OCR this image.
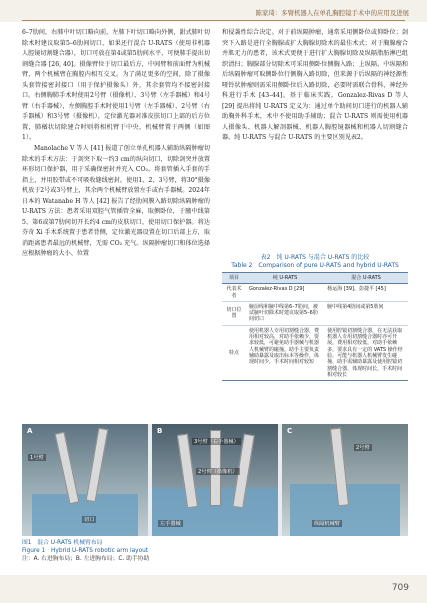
陈家琦：多臂机器人在单孔胸腔镜手术中的应用及进展

6–7肋间，右肺中叶切口略向前，左肺下叶切口略向外侧，鉗式肺叶切除术时建议取第5–6肋间切口，如果还行混合 U-RATS（使用非机器人腔镜切割缝合器），切口可放在第4或第5肋间水平，可便肺手提出切割缝合器 [26, 40]。摄像臂位于切口最后方，中间臂和前面臂为机械臂，两个机械臂在胸腔内相互交叉。为了满足更多的空间，除了摄像头套管接密封接口（用于保护摄像头）外，其余套管均不接密封接口。右侧胸肺手术时使用2号臂（摄像机）、3号臂（左手器械）和4号臂（右手器械），左侧胸腔手术时使用1号臂（左手器械）、2号臂（右手器械）和3号臂（摄像机），定位激光器对准皮肤切口上部的后方位置，肺楢状切除建合时则将相机臂于中央，机械臂置于两侧（如图1）。

Manolache V 等人 [41] 报道了创立单孔机器人辅助纵隔肿瘤切除术的手术方法：于剑突下取一约3 cm的纵向切口，切除剑突并放置环形切口保护器，用于采确保密封并充入 CO₂，将套管插入手套的手指上，并用胶带或不可吸收缝线密封。使用1、2、3号臂，将30°摄像机放于2号或3号臂上，其余两个机械臂放置左手或右手器械。2024年日本的 Watanabe H 等人 [42] 报告了经肋间膜入路切除纵隔肿瘤的 U-RATS 方法：患者采用双腔气管插管全麻，取侧卧位，于腋中线第5、第6或第7肋间切开长约4 cm的皮肤切口，使用切口保护器。将达芬奇 Xi 手术系统置于患者背侧，定位激光器设置在切口后部上方，取消距离患者最远的机械臂，无需 CO₂ 充气。纵隔肿瘤切口和体位选择应根据肿瘤的大小、位置

和侵袭性综合决定。对于前纵隔肿瘤，通常采用侧卧位或仰卧位；剑突下入路是进行全胸腺或扩大胸腺切除术的最佳术式；对于胸腺瘤合并肌无力的患者，该术式更便于进行扩大胸腺切除及纵隔脂肪淋巴组织清扫；胸腺部分切除术可采用侧卧位侧胸入路；上纵隔、中纵隔和后纵隔肿瘤可取侧卧位行侧胸入路切除，但来源于后纵隔的神经源性哑铃状肿瘤则需采用侧卧位后入路切除，必要时需联合骨科、神经外科进行手术 [43–44]。基于临床实践，Gonzalez-Rivas D 等人 [29] 提出将纯 U-RATS 定义为：通过单个助间切口进行的机器人辅助胸外科手术，术中不使用助手辅助；混合 U-RATS 则需使用机器人摄像头、机器人解剖器械、机器人胸腔镜器械和机器人切割缝合器。纯 U-RATS 与混合 U-RATS 的主要区别见表2。

表2　纯 U-RATS 与混合 U-RATS 的比较
Table 2　Comparison of pure U-RATS and hybrid U-RATS
项目	纯 U-RATS	混合 U-RATS
代表术者	Gonzalez-Rivas D [29]	杨运海 [39]、彭捷平 [45]
切口位置	腋前线和腋中线第6–7肋间，被试腋叶切除术时建议取第5–6肋间切口	腋中线第4肋间或第5肋间
特点	使用机器人专用切割缝合器，费用相对较高，对助手依赖少，要求较低，可避免助手器械与机器人机械臂的碰撞。助手主要负责辅助暴露及取出标本等操作，体现时间少，手术时间相对较短	使用腔镜切割缝合器，在无法获取机器人专用切割缝合器时亦可开展，费用相对较低，对助手依赖多，要求具有一定的 VATS 操作经验，可能与机器人机械臂发生碰撞，助手需辅助暴露及使用腔镜切割缝合器，体现时间长，手术时间相对较长
A
1号臂
切口
B
3号臂（右手器械）
2号臂（摄像机）
左手器械
C
2号臂
纵隔机械臂
图1　混合 U-RATS 机械臂布局
Figure 1　Hybrid U-RATS robotic arm layout
注：A. 右进胸布局；B. 左进胸布局；C. 助手协助
709
